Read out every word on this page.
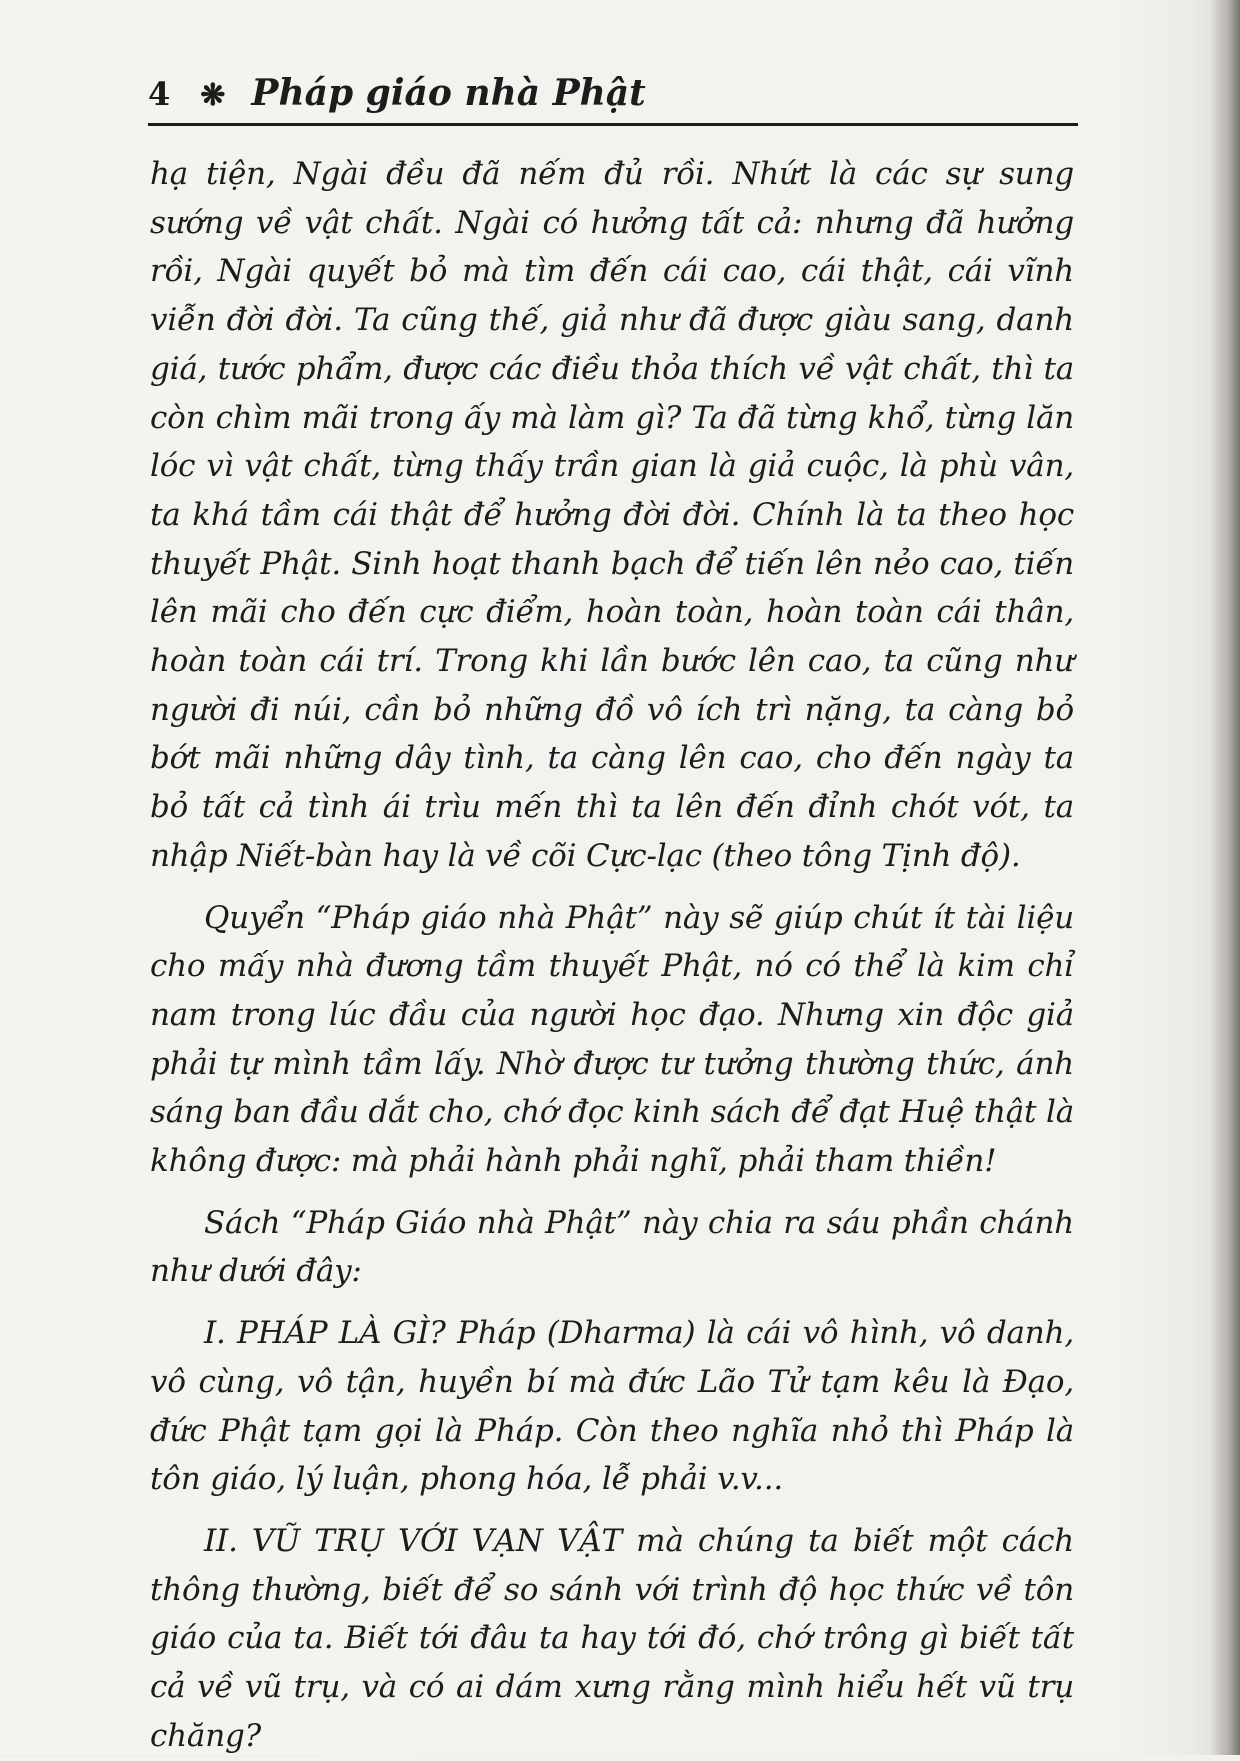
4 ❋ Pháp giáo nhà Phật

hạ tiện, Ngài đều đã nếm đủ rồi. Nhứt là các sự sung sướng về vật chất. Ngài có hưởng tất cả: nhưng đã hưởng rồi, Ngài quyết bỏ mà tìm đến cái cao, cái thật, cái vĩnh viễn đời đời. Ta cũng thế, giả như đã được giàu sang, danh giá, tước phẩm, được các điều thỏa thích về vật chất, thì ta còn chìm mãi trong ấy mà làm gì? Ta đã từng khổ, từng lăn lóc vì vật chất, từng thấy trần gian là giả cuộc, là phù vân, ta khá tầm cái thật để hưởng đời đời. Chính là ta theo học thuyết Phật. Sinh hoạt thanh bạch để tiến lên nẻo cao, tiến lên mãi cho đến cực điểm, hoàn toàn, hoàn toàn cái thân, hoàn toàn cái trí. Trong khi lần bước lên cao, ta cũng như người đi núi, cần bỏ những đồ vô ích trì nặng, ta càng bỏ bớt mãi những dây tình, ta càng lên cao, cho đến ngày ta bỏ tất cả tình ái trìu mến thì ta lên đến đỉnh chót vót, ta nhập Niết-bàn hay là về cõi Cực-lạc (theo tông Tịnh độ).

Quyển “Pháp giáo nhà Phật” này sẽ giúp chút ít tài liệu cho mấy nhà đương tầm thuyết Phật, nó có thể là kim chỉ nam trong lúc đầu của người học đạo. Nhưng xin độc giả phải tự mình tầm lấy. Nhờ được tư tưởng thường thức, ánh sáng ban đầu dắt cho, chớ đọc kinh sách để đạt Huệ thật là không được: mà phải hành phải nghĩ, phải tham thiền!

Sách “Pháp Giáo nhà Phật” này chia ra sáu phần chánh như dưới đây:

I. PHÁP LÀ GÌ? Pháp (Dharma) là cái vô hình, vô danh, vô cùng, vô tận, huyền bí mà đức Lão Tử tạm kêu là Đạo, đức Phật tạm gọi là Pháp. Còn theo nghĩa nhỏ thì Pháp là tôn giáo, lý luận, phong hóa, lễ phải v.v...

II. VŨ TRỤ VỚI VẠN VẬT mà chúng ta biết một cách thông thường, biết để so sánh với trình độ học thức về tôn giáo của ta. Biết tới đâu ta hay tới đó, chớ trông gì biết tất cả về vũ trụ, và có ai dám xưng rằng mình hiểu hết vũ trụ chăng?
